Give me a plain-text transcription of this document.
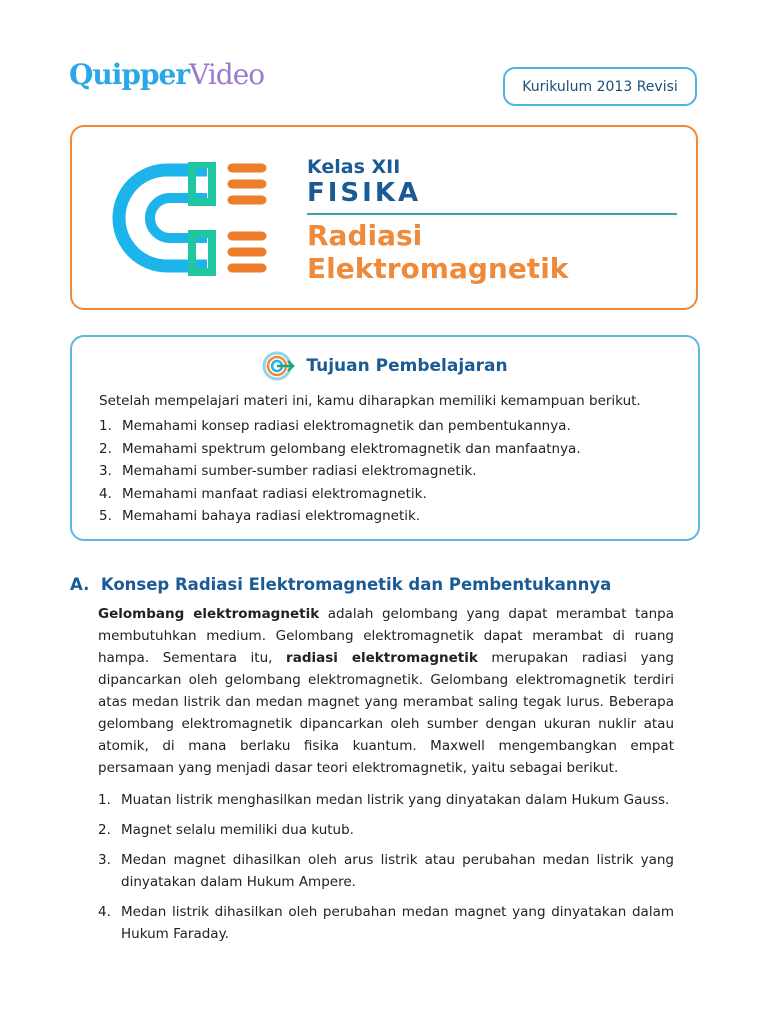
QuipperVideo	Kurikulum 2013 Revisi
Kelas XII
FISIKA
Radiasi
Elektromagnetik
Tujuan Pembelajaran
Setelah mempelajari materi ini, kamu diharapkan memiliki kemampuan berikut.
1. Memahami konsep radiasi elektromagnetik dan pembentukannya.
2. Memahami spektrum gelombang elektromagnetik dan manfaatnya.
3. Memahami sumber-sumber radiasi elektromagnetik.
4. Memahami manfaat radiasi elektromagnetik.
5. Memahami bahaya radiasi elektromagnetik.
A.  Konsep Radiasi Elektromagnetik dan Pembentukannya

Gelombang elektromagnetik adalah gelombang yang dapat merambat tanpa membutuhkan medium. Gelombang elektromagnetik dapat merambat di ruang hampa. Sementara itu, radiasi elektromagnetik merupakan radiasi yang dipancarkan oleh gelombang elektromagnetik. Gelombang elektromagnetik terdiri atas medan listrik dan medan magnet yang merambat saling tegak lurus. Beberapa gelombang elektromagnetik dipancarkan oleh sumber dengan ukuran nuklir atau atomik, di mana berlaku fisika kuantum. Maxwell mengembangkan empat persamaan yang menjadi dasar teori elektromagnetik, yaitu sebagai berikut.

1. Muatan listrik menghasilkan medan listrik yang dinyatakan dalam Hukum Gauss.
2. Magnet selalu memiliki dua kutub.
3. Medan magnet dihasilkan oleh arus listrik atau perubahan medan listrik yang dinyatakan dalam Hukum Ampere.
4. Medan listrik dihasilkan oleh perubahan medan magnet yang dinyatakan dalam Hukum Faraday.
